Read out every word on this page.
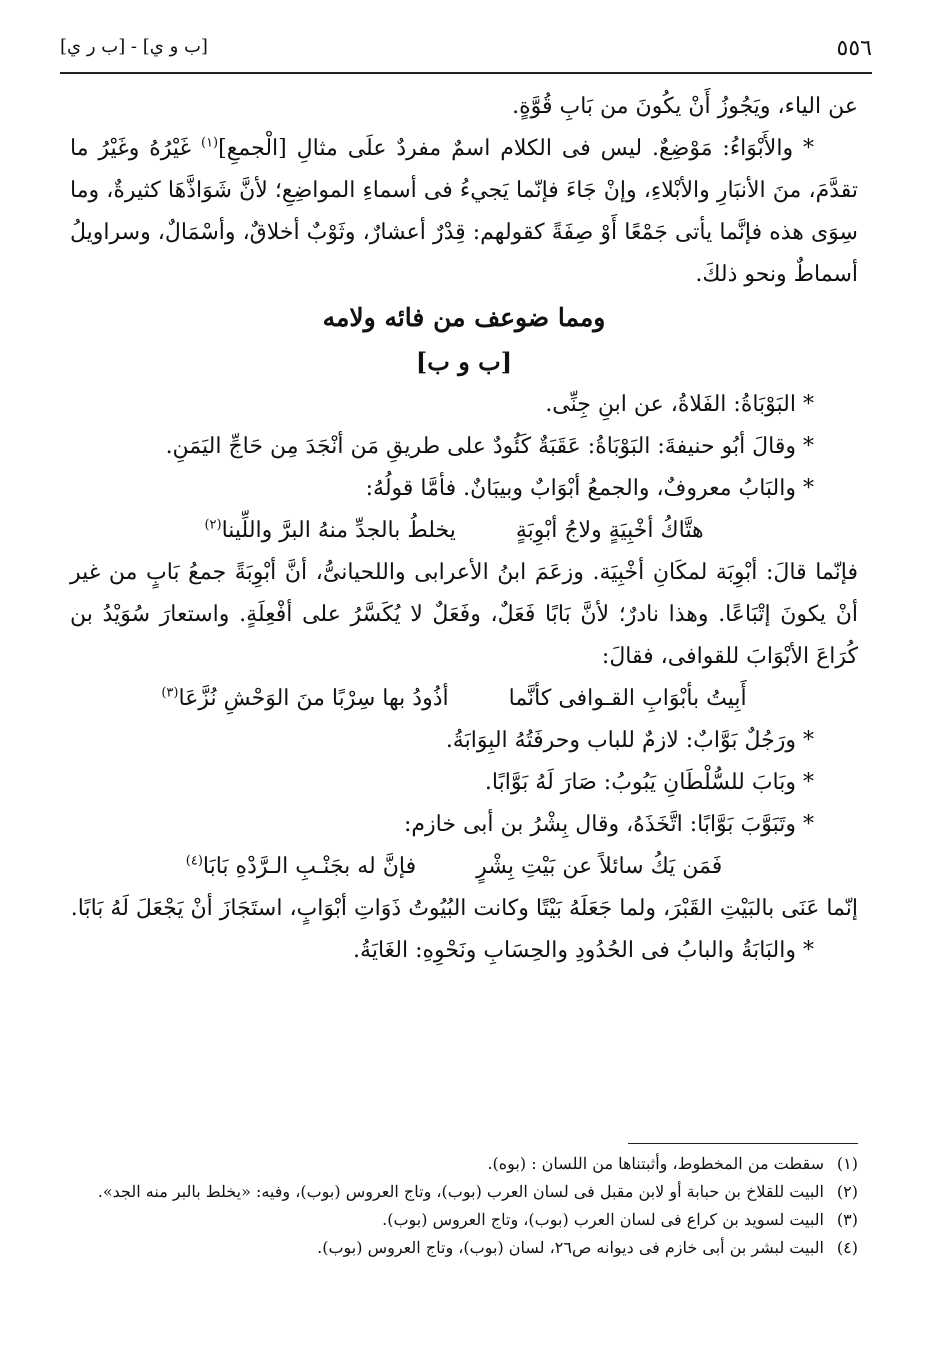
٥٥٦
[ب و ي] - [ب ر ي]

عن الياء، ويَجُوزُ أَنْ يكُونَ من بَابِ قُوَّةٍ.

* والأَبْوَاءُ: مَوْضِعٌ. ليس فى الكلام اسمٌ مفردٌ علَى مثالِ [الْجمعِ]$^{(١)}$ غَيْرُهُ وغَيْرُ ما تقدَّمَ، منَ الأنبَارِ والأبْلاءِ، وإنْ جَاءَ فإنّما يَجيءُ فى أسماءِ المواضِعِ؛ لأنَّ شَوَاذَّهَا كثيرةٌ، وما سِوَى هذه فإنَّما يأتى جَمْعًا أَوْ صِفَةً كقولهم: قِدْرٌ أعشارٌ، وثَوْبٌ أخلاقٌ، وأسْمَالٌ، وسراويلُ أسماطٌ ونحو ذلكَ.

ومما ضوعف من فائه ولامه

[ب و ب]

* البَوْبَاةُ: الفَلاةُ، عن ابنِ جِنِّى.

* وقالَ أبُو حنيفةَ: البَوْبَاةُ: عَقَبَةٌ كَئُودٌ على طريقِ مَن أنْجَدَ مِن حَاجِّ اليَمَنِ.

* والبَابُ معروفٌ، والجمعُ أبْوَابٌ وبيبَانٌ. فأمَّا قولُهُ:

هتَّاكُ أخْبِيَةٍ ولاجُ أبْوِبَةٍ
يخلطُ بالجدِّ منهُ البرَّ واللِّينا$^{(٢)}$

فإنّما قالَ: أبْوِبَة لمكَانِ أخْبِيَة. وزعَمَ ابنُ الأعرابى واللحيانىُّ، أنَّ أبْوِبَةً جمعُ بَابٍ من غير أنْ يكونَ إتْبَاعًا. وهذا نادرٌ؛ لأنَّ بَابًا فَعَلٌ، وفَعَلٌ لا يُكَسَّرُ على أفْعِلَةٍ. واستعارَ سُوَيْدُ بن كُرَاعَ الأبْوَابَ للقوافى، فقالَ:

أَبِيتُ بأبْوَابِ القـوافى كأنَّما
أذُودُ بها سِرْبًا منَ الوَحْشِ نُزَّعَا$^{(٣)}$

* ورَجُلٌ بَوَّابٌ: لازمٌ للباب وحرفَتُهُ البِوَابَةُ.

* وبَابَ للسُّلْطَانِ يَبُوبُ: صَارَ لَهُ بَوَّابًا.

* وتَبَوَّبَ بَوَّابًا: اتَّخَذَهُ، وقال بِشْرُ بن أبى خازم:

فَمَن يَكُ سائلاً عن بَيْتِ بِشْرٍ
فإنَّ له بجَنْـبِ الـرَّدْهِ بَابَا$^{(٤)}$

إنّما عَنَى بالبَيْتِ القَبْرَ، ولما جَعَلَهُ بَيْتًا وكانت البُيُوتُ ذَوَاتِ أبْوَابٍ، استَجَازَ أنْ يَجْعَلَ لَهُ بَابًا.

* والبَابَةُ والبابُ فى الحُدُودِ والحِسَابِ ونَحْوِهِ: الغَايَةُ.

(١)سقطت من المخطوط، وأثبتناها من اللسان : (بوه).

(٢)البيت للقلاخ بن حبابة أو لابن مقبل فى لسان العرب (بوب)، وتاج العروس (بوب)، وفيه: «يخلط بالبر منه الجد».

(٣)البيت لسويد بن كراع فى لسان العرب (بوب)، وتاج العروس (بوب).

(٤)البيت لبشر بن أبى خازم فى ديوانه ص٢٦، لسان (بوب)، وتاج العروس (بوب).
